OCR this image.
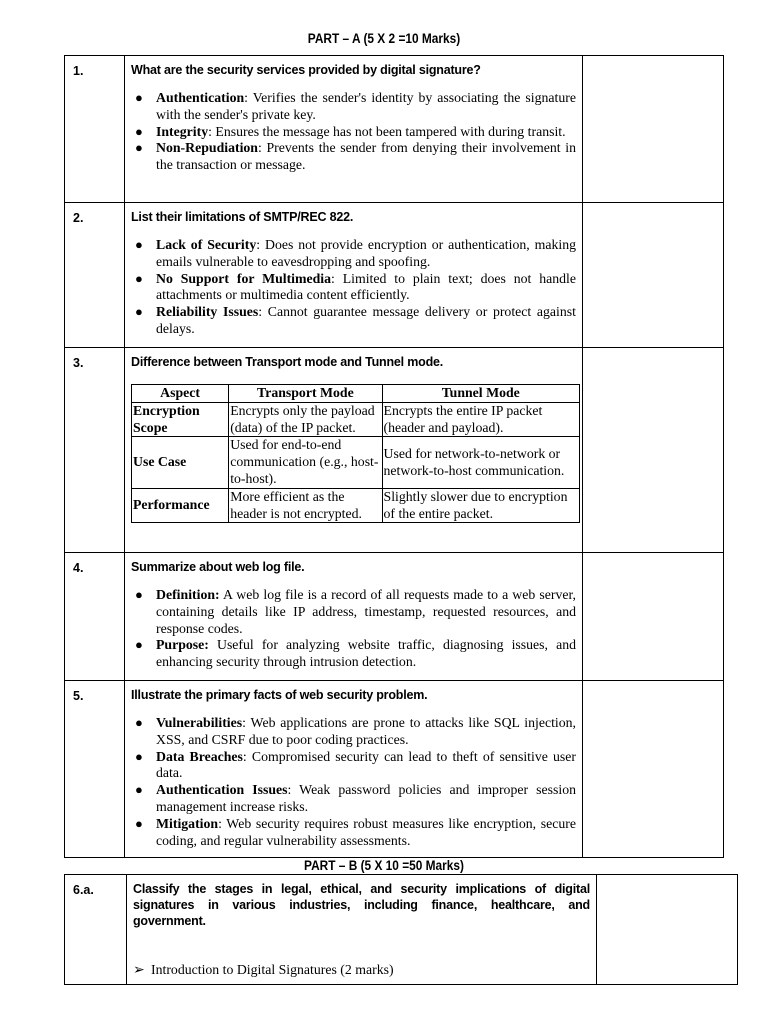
PART – A (5 X 2 =10 Marks)
1.	What are the security services provided by digital signature?
● Authentication: Verifies the sender's identity by associating the signature with the sender's private key.
● Integrity: Ensures the message has not been tampered with during transit.
● Non-Repudiation: Prevents the sender from denying their involvement in the transaction or message.

2.	List their limitations of SMTP/REC 822.
● Lack of Security: Does not provide encryption or authentication, making emails vulnerable to eavesdropping and spoofing.
● No Support for Multimedia: Limited to plain text; does not handle attachments or multimedia content efficiently.
● Reliability Issues: Cannot guarantee message delivery or protect against delays.

3.	Difference between Transport mode and Tunnel mode.
Aspect	Transport Mode	Tunnel Mode
Encryption Scope	Encrypts only the payload (data) of the IP packet.	Encrypts the entire IP packet (header and payload).
Use Case	Used for end-to-end communication (e.g., host-to-host).	Used for network-to-network or network-to-host communication.
Performance	More efficient as the header is not encrypted.	Slightly slower due to encryption of the entire packet.

4.	Summarize about web log file.
● Definition: A web log file is a record of all requests made to a web server, containing details like IP address, timestamp, requested resources, and response codes.
● Purpose: Useful for analyzing website traffic, diagnosing issues, and enhancing security through intrusion detection.

5.	Illustrate the primary facts of web security problem.
● Vulnerabilities: Web applications are prone to attacks like SQL injection, XSS, and CSRF due to poor coding practices.
● Data Breaches: Compromised security can lead to theft of sensitive user data.
● Authentication Issues: Weak password policies and improper session management increase risks.
● Mitigation: Web security requires robust measures like encryption, secure coding, and regular vulnerability assessments.

PART – B (5 X 10 =50 Marks)
6.a.	Classify the stages in legal, ethical, and security implications of digital signatures in various industries, including finance, healthcare, and government.
➢ Introduction to Digital Signatures (2 marks)
